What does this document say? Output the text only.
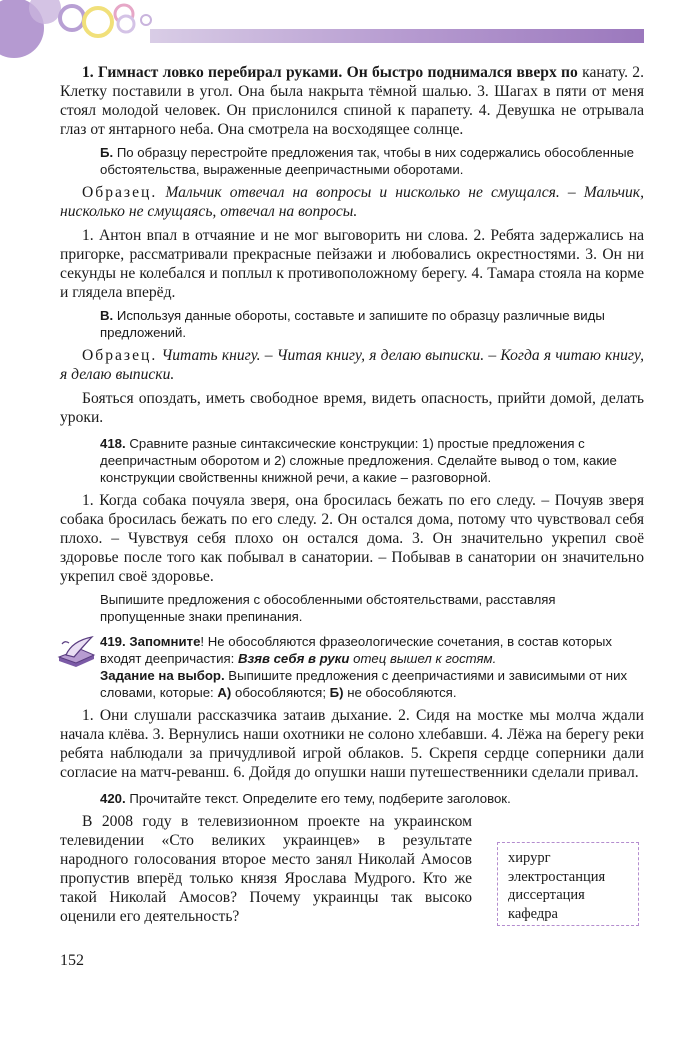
1. Гимнаст ловко перебирал руками. Он быстро поднимался вверх по канату. 2. Клетку поставили в угол. Она была накрыта тёмной шалью. 3. Шагах в пяти от меня стоял молодой человек. Он прислонился спиной к парапету. 4. Девушка не отрывала глаз от янтарного неба. Она смотрела на восходящее солнце.

Б. По образцу перестройте предложения так, чтобы в них содержались обособленные обстоятельства, выраженные деепричастными оборотами.

Образец. Мальчик отвечал на вопросы и нисколько не смущался. – Мальчик, нисколько не смущаясь, отвечал на вопросы.

1. Антон впал в отчаяние и не мог выговорить ни слова. 2. Ребята задержались на пригорке, рассматривали прекрасные пейзажи и любовались окрестностями. 3. Он ни секунды не колебался и поплыл к противоположному берегу. 4. Тамара стояла на корме и глядела вперёд.

В. Используя данные обороты, составьте и запишите по образцу различные виды предложений.

Образец. Читать книгу. – Читая книгу, я делаю выписки. – Когда я читаю книгу, я делаю выписки.

Бояться опоздать, иметь свободное время, видеть опасность, прийти домой, делать уроки.

418. Сравните разные синтаксические конструкции: 1) простые предложения с деепричастным оборотом и 2) сложные предложения. Сделайте вывод о том, какие конструкции свойственны книжной речи, а какие – разговорной.

1. Когда собака почуяла зверя, она бросилась бежать по его следу. – Почуяв зверя собака бросилась бежать по его следу. 2. Он остался дома, потому что чувствовал себя плохо. – Чувствуя себя плохо он остался дома. 3. Он значительно укрепил своё здоровье после того как побывал в санатории. – Побывав в санатории он значительно укрепил своё здоровье.

Выпишите предложения с обособленными обстоятельствами, расставляя пропущенные знаки препинания.

419. Запомните! Не обособляются фразеологические сочетания, в состав которых входят деепричастия: Взяв себя в руки отец вышел к гостям.

Задание на выбор. Выпишите предложения с деепричастиями и зависимыми от них словами, которые: А) обособляются; Б) не обособляются.

1. Они слушали рассказчика затаив дыхание. 2. Сидя на мостке мы молча ждали начала клёва. 3. Вернулись наши охотники не солоно хлебавши. 4. Лёжа на берегу реки ребята наблюдали за причудливой игрой облаков. 5. Скрепя сердце соперники дали согласие на матч-реванш. 6. Дойдя до опушки наши путешественники сделали привал.

420. Прочитайте текст. Определите его тему, подберите заголовок.

В 2008 году в телевизионном проекте на украинском телевидении «Сто великих украинцев» в результате народного голосования второе место занял Николай Амосов пропустив вперёд только князя Ярослава Мудрого. Кто же такой Николай Амосов? Почему украинцы так высоко оценили его деятельность?

хирург
электростанция
диссертация
кафедра
152
